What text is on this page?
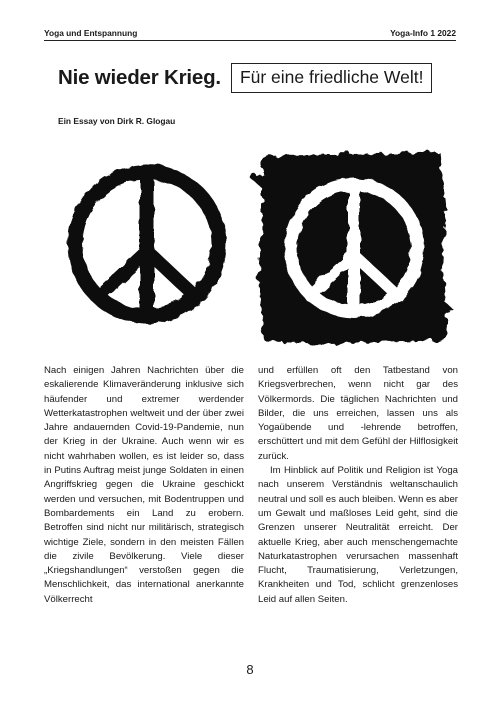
Yoga und Entspannung	Yoga-Info 1 2022
Nie wieder Krieg.	Für eine friedliche Welt!
Ein Essay von Dirk R. Glogau

Nach einigen Jahren Nachrichten über die eskalierende Klimaveränderung inklusive sich häufender und extremer werdender Wetterkatastrophen weltweit und der über zwei Jahre andauernden Covid-19-Pandemie, nun der Krieg in der Ukraine. Auch wenn wir es nicht wahrhaben wollen, es ist leider so, dass in Putins Auftrag meist junge Soldaten in einen Angriffskrieg gegen die Ukraine geschickt werden und versuchen, mit Bodentruppen und Bombardements ein Land zu erobern. Betroffen sind nicht nur militärisch, strategisch wichtige Ziele, sondern in den meisten Fällen die zivile Bevölkerung. Viele dieser „Kriegshandlungen“ verstoßen gegen die Menschlichkeit, das international anerkannte Völkerrecht

und erfüllen oft den Tatbestand von Kriegsverbrechen, wenn nicht gar des Völkermords. Die täglichen Nachrichten und Bilder, die uns erreichen, lassen uns als Yogaübende und -lehrende betroffen, erschüttert und mit dem Gefühl der Hilflosigkeit zurück.

Im Hinblick auf Politik und Religion ist Yoga nach unserem Verständnis weltanschaulich neutral und soll es auch bleiben. Wenn es aber um Gewalt und maßloses Leid geht, sind die Grenzen unserer Neutralität erreicht. Der aktuelle Krieg, aber auch menschengemachte Naturkatastrophen verursachen massenhaft Flucht, Traumatisierung, Verletzungen, Krankheiten und Tod, schlicht grenzenloses Leid auf allen Seiten.

8
